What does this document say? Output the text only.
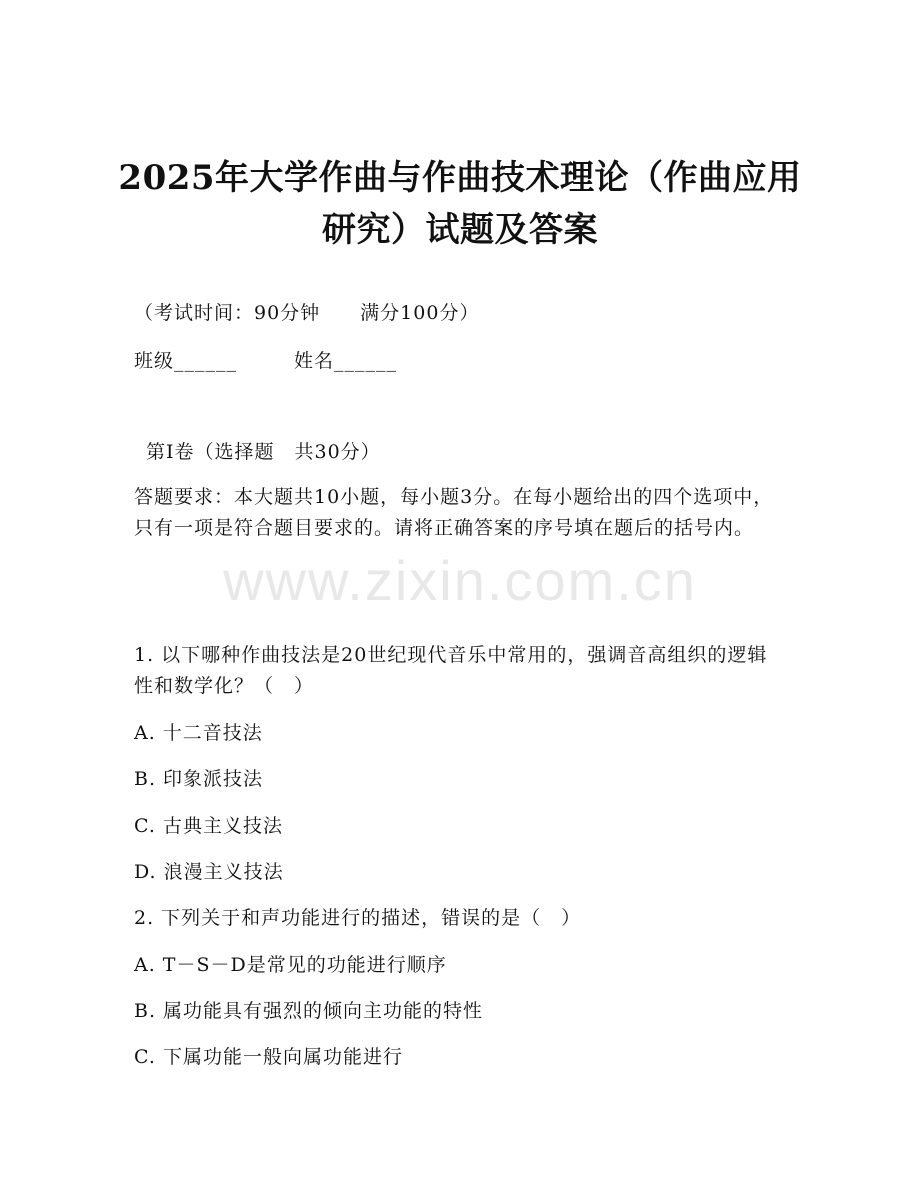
2025年大学作曲与作曲技术理论（作曲应用
研究）试题及答案
（考试时间：90分钟　　满分100分）
班级______	姓名______
第Ⅰ卷（选择题　共30分）

答题要求：本大题共10小题，每小题3分。在每小题给出的四个选项中，只有一项是符合题目要求的。请将正确答案的序号填在题后的括号内。

www.zixin.com.cn

1. 以下哪种作曲技法是20世纪现代音乐中常用的，强调音高组织的逻辑性和数学化？（　）

A. 十二音技法
B. 印象派技法
C. 古典主义技法
D. 浪漫主义技法
2. 下列关于和声功能进行的描述，错误的是（　）
A. T－S－D是常见的功能进行顺序
B. 属功能具有强烈的倾向主功能的特性
C. 下属功能一般向属功能进行
